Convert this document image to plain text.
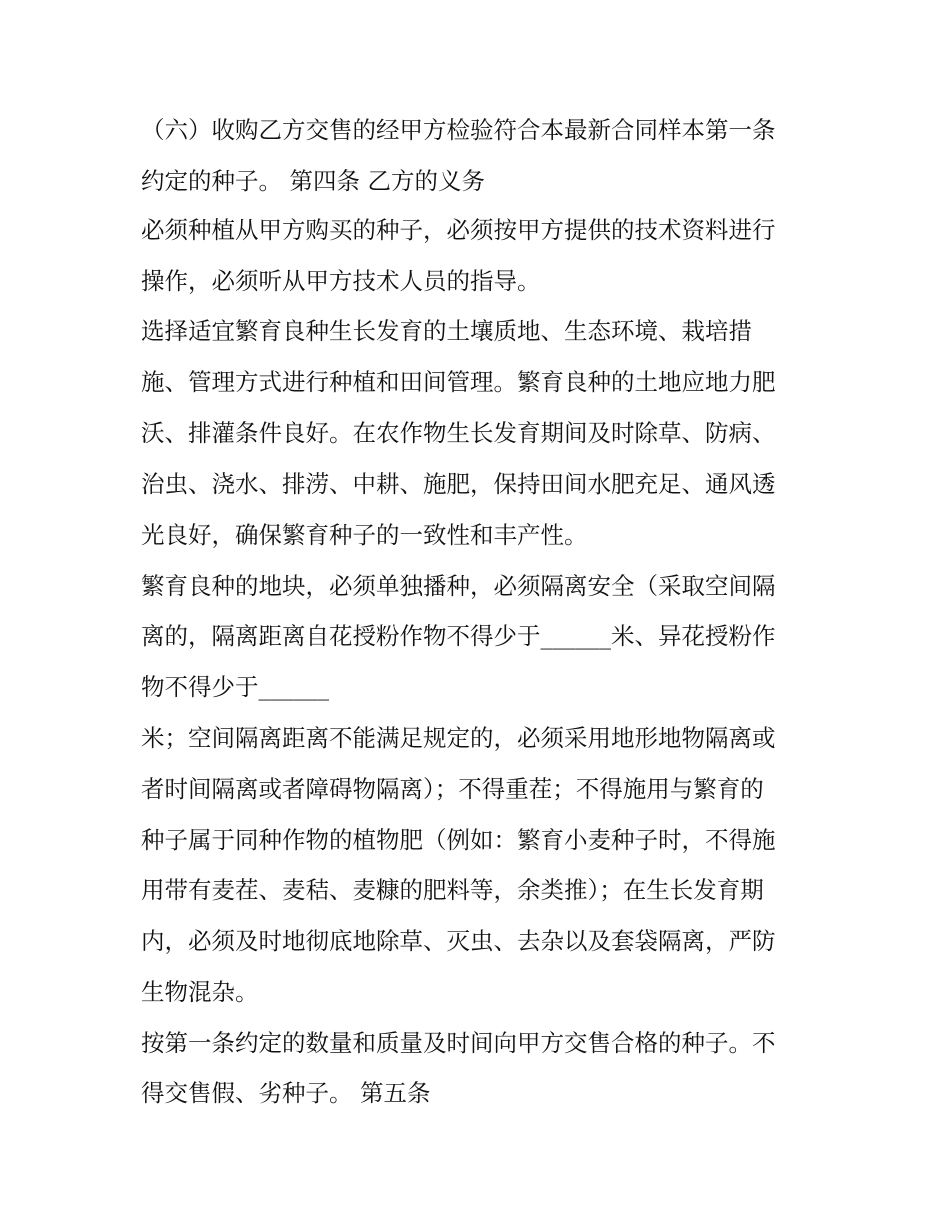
（六）收购乙方交售的经甲方检验符合本最新合同样本第一条

约定的种子。 第四条 乙方的义务

必须种植从甲方购买的种子，必须按甲方提供的技术资料进行

操作，必须听从甲方技术人员的指导。

选择适宜繁育良种生长发育的土壤质地、生态环境、栽培措

施、管理方式进行种植和田间管理。繁育良种的土地应地力肥

沃、排灌条件良好。在农作物生长发育期间及时除草、防病、

治虫、浇水、排涝、中耕、施肥，保持田间水肥充足、通风透

光良好，确保繁育种子的一致性和丰产性。

繁育良种的地块，必须单独播种，必须隔离安全（采取空间隔

离的，隔离距离自花授粉作物不得少于______米、异花授粉作

物不得少于______

米；空间隔离距离不能满足规定的，必须采用地形地物隔离或

者时间隔离或者障碍物隔离）；不得重茬；不得施用与繁育的

种子属于同种作物的植物肥（例如：繁育小麦种子时，不得施

用带有麦茬、麦秸、麦糠的肥料等，余类推）；在生长发育期

内，必须及时地彻底地除草、灭虫、去杂以及套袋隔离，严防

生物混杂。

按第一条约定的数量和质量及时间向甲方交售合格的种子。不

得交售假、劣种子。 第五条
